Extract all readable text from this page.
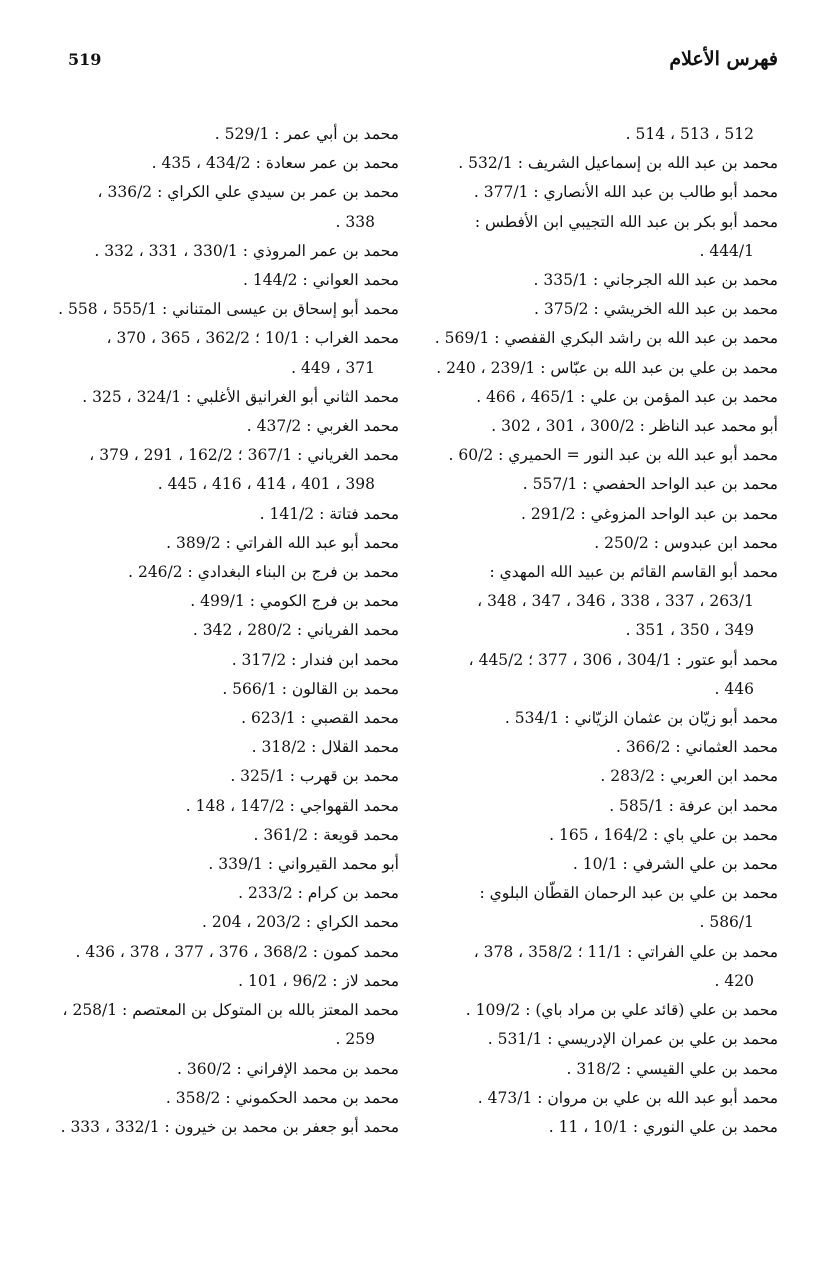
519	فهرس الأعلام
512 ، 513 ، 514 .
محمد بن عبد الله بن إسماعيل الشريف : 532/1 .
محمد أبو طالب بن عبد الله الأنصاري : 377/1 .
محمد أبو بكر بن عبد الله التجيبي ابن الأفطس :
444/1 .
محمد بن عبد الله الجرجاني : 335/1 .
محمد بن عبد الله الخريشي : 375/2 .
محمد بن عبد الله بن راشد البكري القفصي : 569/1 .
محمد بن علي بن عبد الله بن عبّاس : 239/1 ، 240 .
محمد بن عبد المؤمن بن علي : 465/1 ، 466 .
أبو محمد عبد الناظر : 300/2 ، 301 ، 302 .
محمد أبو عبد الله بن عبد النور = الحميري : 60/2 .
محمد بن عبد الواحد الحفصي : 557/1 .
محمد بن عبد الواحد المزوغي : 291/2 .
محمد ابن عبدوس : 250/2 .
محمد أبو القاسم القائم بن عبيد الله المهدي :
263/1 ، 337 ، 338 ، 346 ، 347 ، 348 ،
349 ، 350 ، 351 .
محمد أبو عتور : 304/1 ، 306 ، 377 ؛ 445/2 ،
446 .
محمد أبو زيّان بن عثمان الزيّاني : 534/1 .
محمد العثماني : 366/2 .
محمد ابن العربي : 283/2 .
محمد ابن عرفة : 585/1 .
محمد بن علي باي : 164/2 ، 165 .
محمد بن علي الشرفي : 10/1 .
محمد بن علي بن عبد الرحمان القطّان البلوي :
586/1 .
محمد بن علي الفراتي : 11/1 ؛ 358/2 ، 378 ،
420 .
محمد بن علي (قائد علي بن مراد باي) : 109/2 .
محمد بن علي بن عمران الإدريسي : 531/1 .
محمد بن علي القيسي : 318/2 .
محمد أبو عبد الله بن علي بن مروان : 473/1 .
محمد بن علي النوري : 10/1 ، 11 .
محمد بن أبي عمر : 529/1 .
محمد بن عمر سعادة : 434/2 ، 435 .
محمد بن عمر بن سيدي علي الكراي : 336/2 ،
338 .
محمد بن عمر المروذي : 330/1 ، 331 ، 332 .
محمد العواني : 144/2 .
محمد أبو إسحاق بن عيسى المتناني : 555/1 ، 558 .
محمد الغراب : 10/1 ؛ 362/2 ، 365 ، 370 ،
371 ، 449 .
محمد الثاني أبو الغرانيق الأغلبي : 324/1 ، 325 .
محمد الغربي : 437/2 .
محمد الغرياني : 367/1 ؛ 162/2 ، 291 ، 379 ،
398 ، 401 ، 414 ، 416 ، 445 .
محمد فتاتة : 141/2 .
محمد أبو عبد الله الفراتي : 389/2 .
محمد بن فرج بن البناء البغدادي : 246/2 .
محمد بن فرج الكومي : 499/1 .
محمد الفرياني : 280/2 ، 342 .
محمد ابن فندار : 317/2 .
محمد بن القالون : 566/1 .
محمد القصبي : 623/1 .
محمد القلال : 318/2 .
محمد بن قهرب : 325/1 .
محمد القهواجي : 147/2 ، 148 .
محمد قويعة : 361/2 .
أبو محمد القيرواني : 339/1 .
محمد بن كرام : 233/2 .
محمد الكراي : 203/2 ، 204 .
محمد كمون : 368/2 ، 376 ، 377 ، 378 ، 436 .
محمد لاز : 96/2 ، 101 .
محمد المعتز بالله بن المتوكل بن المعتصم : 258/1 ،
259 .
محمد بن محمد الإفراني : 360/2 .
محمد بن محمد الحكموني : 358/2 .
محمد أبو جعفر بن محمد بن خيرون : 332/1 ، 333 .
